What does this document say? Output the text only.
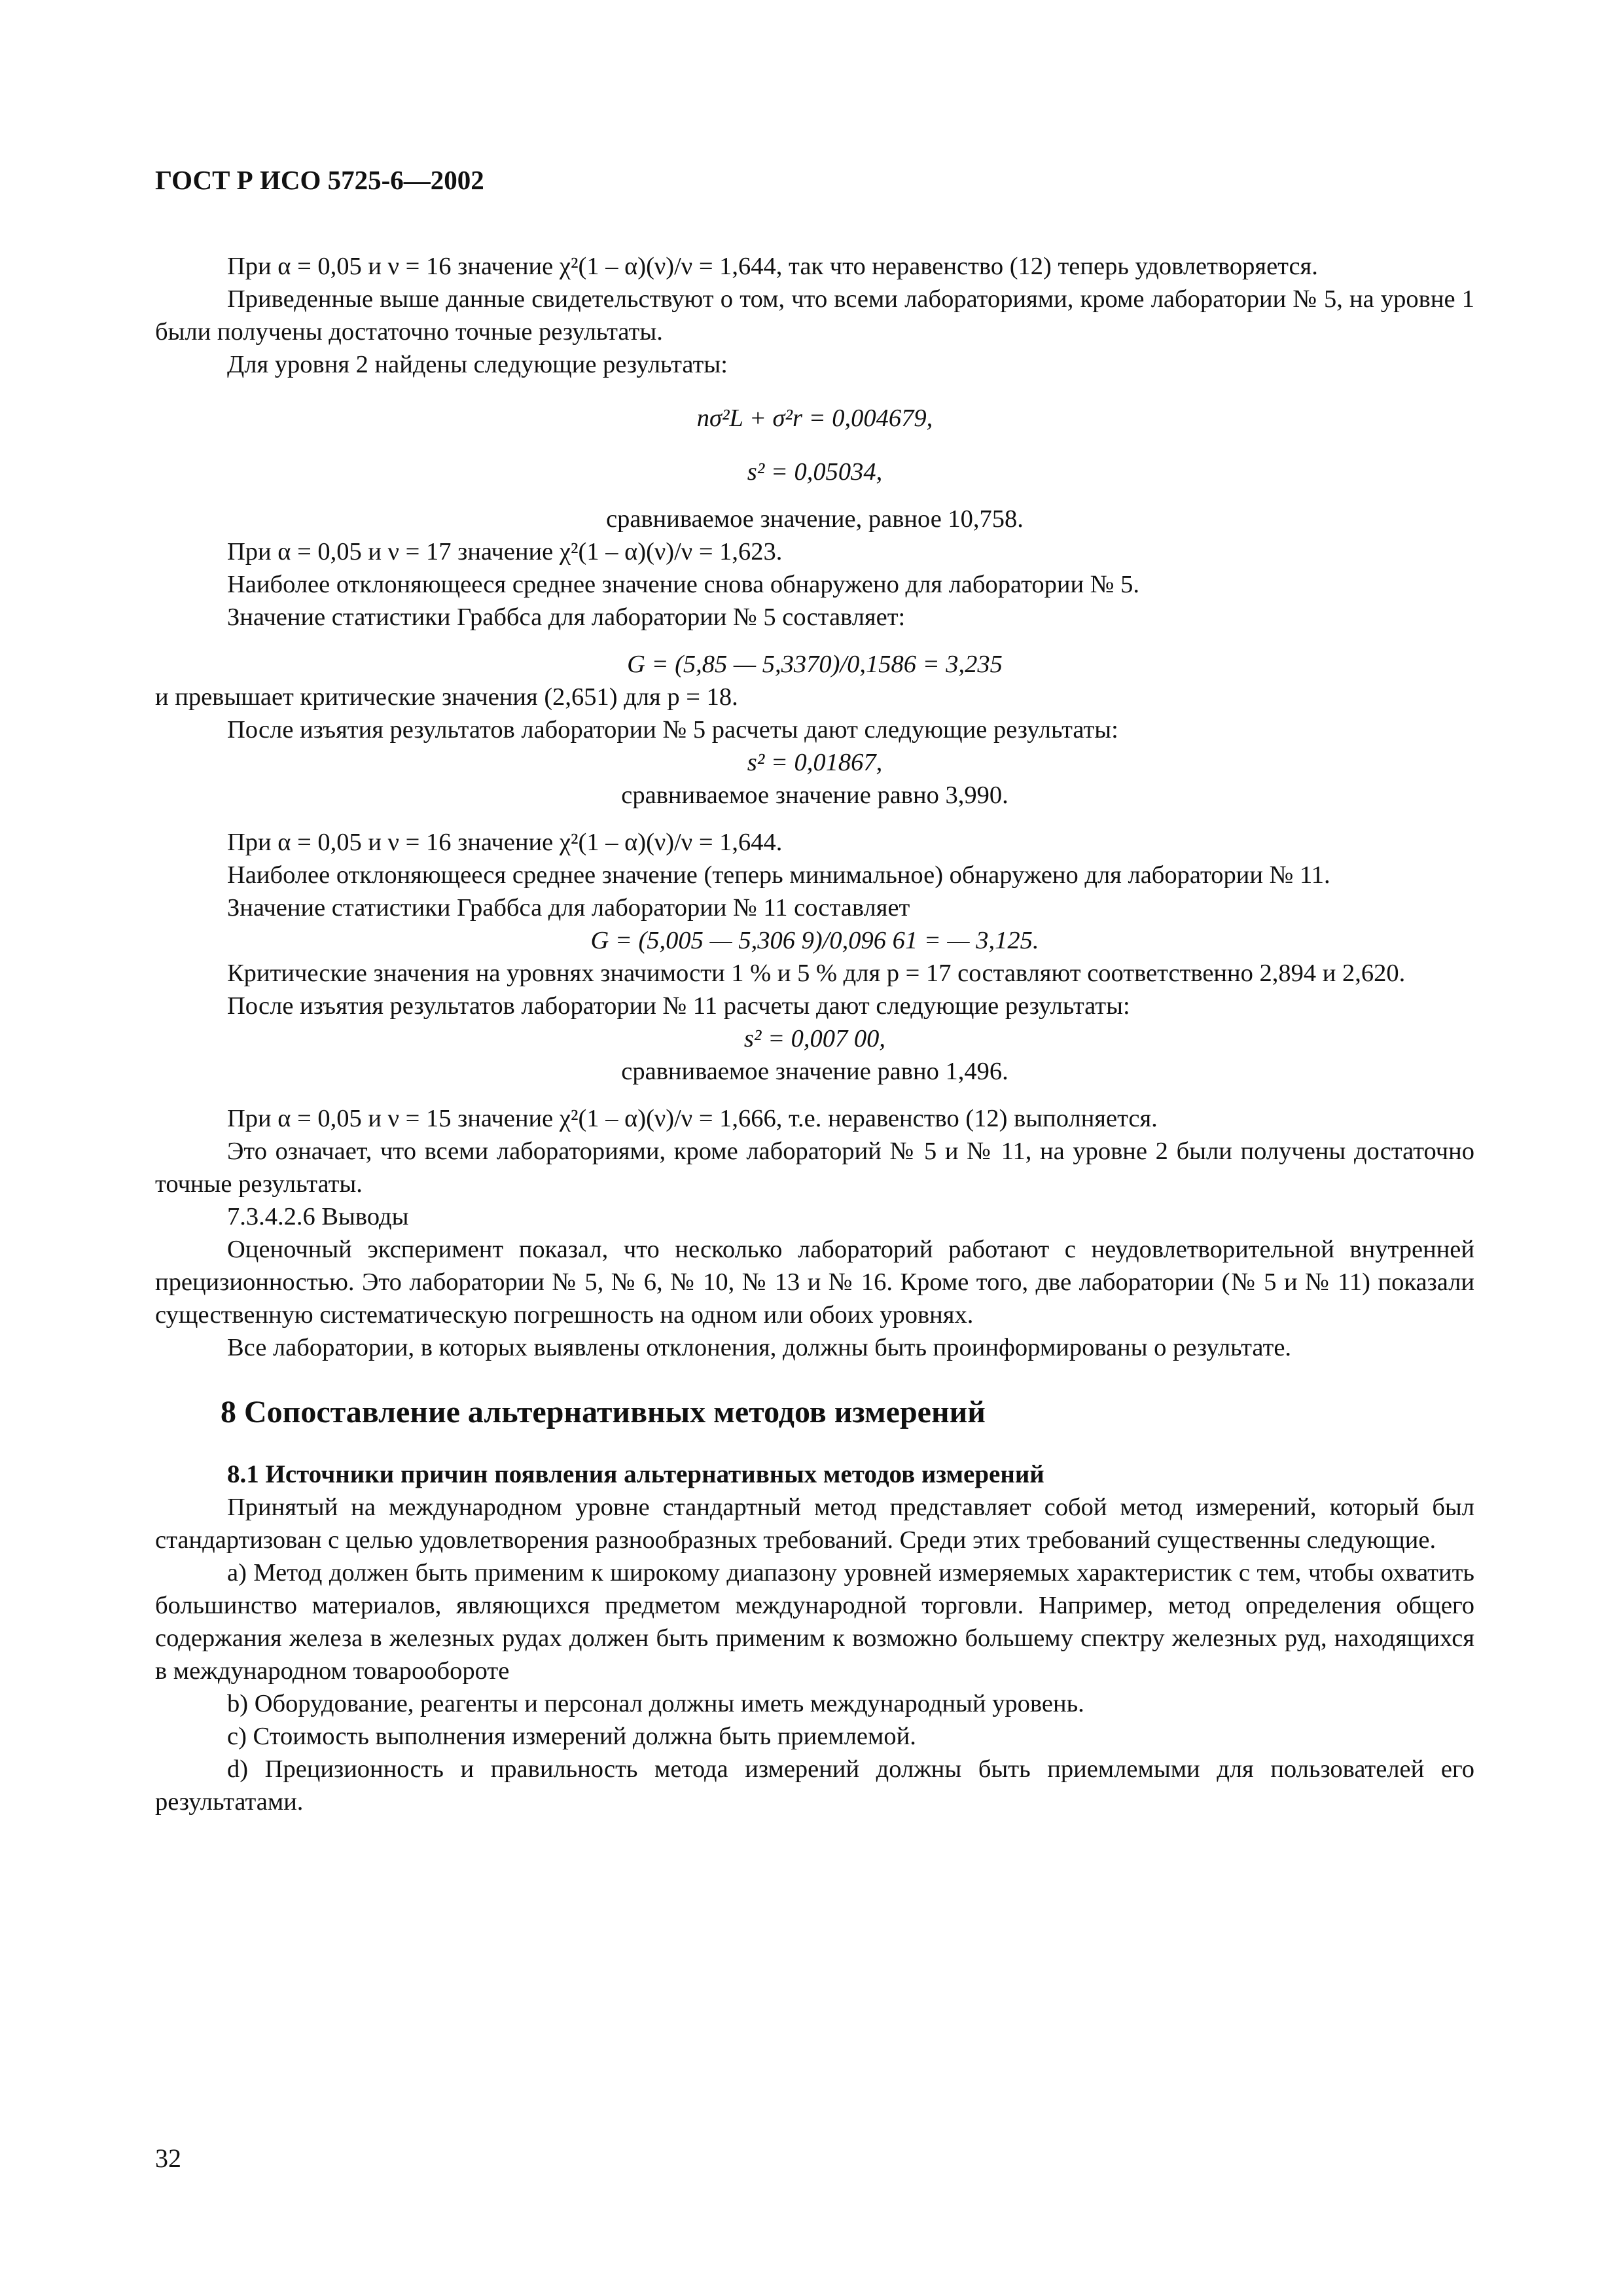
ГОСТ Р ИСО 5725-6—2002

При α = 0,05 и ν = 16 значение χ²(1 – α)(ν)/ν = 1,644, так что неравенство (12) теперь удовлетворяется.

Приведенные выше данные свидетельствуют о том, что всеми лабораториями, кроме лаборатории № 5, на уровне 1 были получены достаточно точные результаты.

Для уровня 2 найдены следующие результаты:

nσ²L + σ²r = 0,004679,

s² = 0,05034,

сравниваемое значение, равное 10,758.

При α = 0,05 и ν = 17 значение χ²(1 – α)(ν)/ν = 1,623.

Наиболее отклоняющееся среднее значение снова обнаружено для лаборатории № 5.

Значение статистики Граббса для лаборатории № 5 составляет:

G = (5,85 — 5,3370)/0,1586 = 3,235

и превышает критические значения (2,651) для p = 18.

После изъятия результатов лаборатории № 5 расчеты дают следующие результаты:

s² = 0,01867,

сравниваемое значение равно 3,990.

При α = 0,05 и ν = 16 значение χ²(1 – α)(ν)/ν = 1,644.

Наиболее отклоняющееся среднее значение (теперь минимальное) обнаружено для лаборатории № 11.

Значение статистики Граббса для лаборатории № 11 составляет

G = (5,005 — 5,306 9)/0,096 61 = — 3,125.

Критические значения на уровнях значимости 1 % и 5 % для p = 17 составляют соответственно 2,894 и 2,620.

После изъятия результатов лаборатории № 11 расчеты дают следующие результаты:

s² = 0,007 00,

сравниваемое значение равно 1,496.

При α = 0,05 и ν = 15 значение χ²(1 – α)(ν)/ν = 1,666, т.е. неравенство (12) выполняется.

Это означает, что всеми лабораториями, кроме лабораторий № 5 и № 11, на уровне 2 были получены достаточно точные результаты.

7.3.4.2.6 Выводы

Оценочный эксперимент показал, что несколько лабораторий работают с неудовлетворительной внутренней прецизионностью. Это лаборатории № 5, № 6, № 10, № 13 и № 16. Кроме того, две лаборатории (№ 5 и № 11) показали существенную систематическую погрешность на одном или обоих уровнях.

Все лаборатории, в которых выявлены отклонения, должны быть проинформированы о результате.

8 Сопоставление альтернативных методов измерений
8.1 Источники причин появления альтернативных методов измерений

Принятый на международном уровне стандартный метод представляет собой метод измерений, который был стандартизован с целью удовлетворения разнообразных требований. Среди этих требований существенны следующие.

a) Метод должен быть применим к широкому диапазону уровней измеряемых характеристик с тем, чтобы охватить большинство материалов, являющихся предметом международной торговли. Например, метод определения общего содержания железа в железных рудах должен быть применим к возможно большему спектру железных руд, находящихся в международном товарообороте

b) Оборудование, реагенты и персонал должны иметь международный уровень.

c) Стоимость выполнения измерений должна быть приемлемой.

d) Прецизионность и правильность метода измерений должны быть приемлемыми для пользователей его результатами.

32
